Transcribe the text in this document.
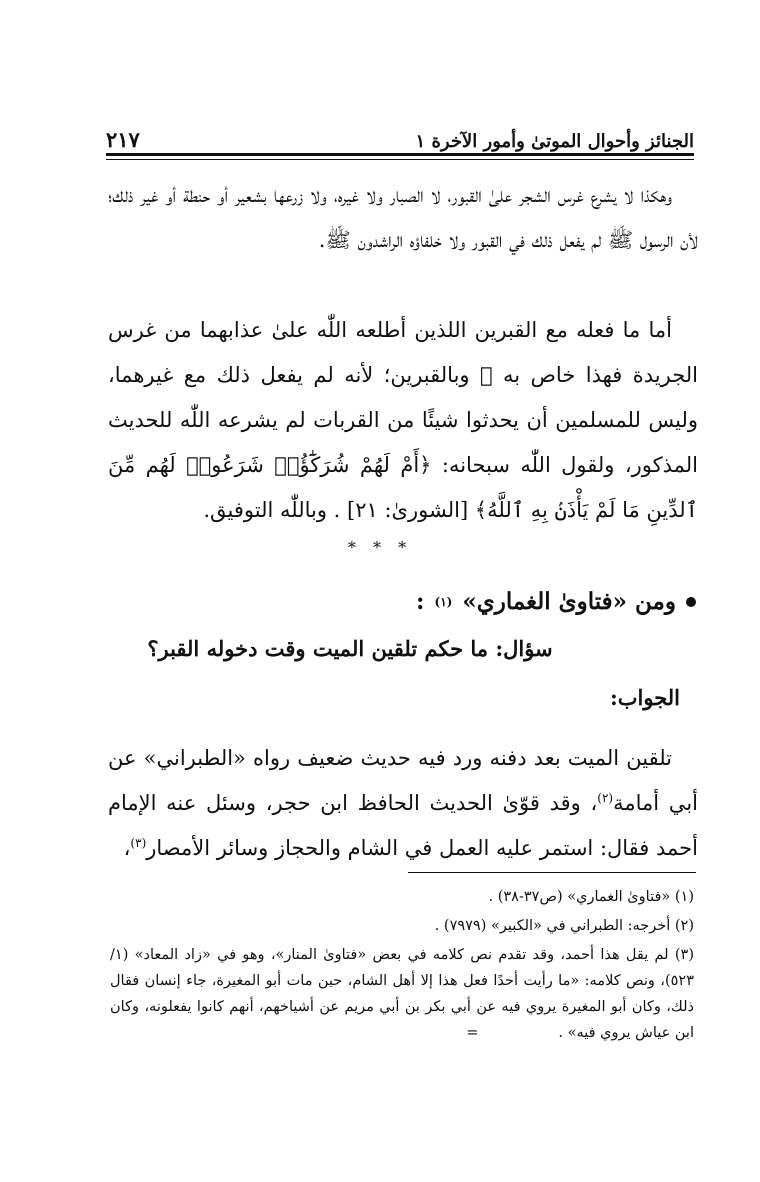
الجنائز وأحوال الموتىٰ وأمور الآخرة ١
٢١٧

وهكذا لا يشرع غرس الشجر علىٰ القبور، لا الصبار ولا غيره، ولا زرعها بشعير أو حنطة أو غير ذلك؛ لأن الرسول ﷺ لم يفعل ذلك في القبور ولا خلفاؤه الراشدون ﷺ.

أما ما فعله مع القبرين اللذين أطلعه اللّٰه علىٰ عذابهما من غرس الجريدة فهذا خاص به ﷺ وبالقبرين؛ لأنه لم يفعل ذلك مع غيرهما، وليس للمسلمين أن يحدثوا شيئًا من القربات لم يشرعه اللّٰه للحديث المذكور، ولقول اللّٰه سبحانه: ﴿أَمْ لَهُمْ شُرَكَٰٓؤُا۟ شَرَعُوا۟ لَهُم مِّنَ ٱلدِّينِ مَا لَمْ يَأْذَنۢ بِهِ ٱللَّهُ﴾ [الشورىٰ: ٢١] . وباللّٰه التوفيق.

* * *
ومن «فتاوىٰ الغماري»
(١)
:
سؤال: ما حكم تلقين الميت وقت دخوله القبر؟
الجواب:

تلقين الميت بعد دفنه ورد فيه حديث ضعيف رواه «الطبراني» عن أبي أمامة$^{(٢)}$، وقد قوّىٰ الحديث الحافظ ابن حجر، وسئل عنه الإمام أحمد فقال: استمر عليه العمل في الشام والحجاز وسائر الأمصار$^{(٣)}$،

(١) «فتاوىٰ الغماري» (ص٣٧-٣٨) .

(٢) أخرجه: الطبراني في «الكبير» (٧٩٧٩) .

(٣) لم يقل هذا أحمد، وقد تقدم نص كلامه في بعض «فتاوىٰ المنار»، وهو في «زاد المعاد» (١/ ٥٢٣)، ونص كلامه: «ما رأيت أحدًا فعل هذا إلا أهل الشام، حين مات أبو المغيرة، جاء إنسان فقال ذلك، وكان أبو المغيرة يروي فيه عن أبي بكر بن أبي مريم عن أشياخهم، أنهم كانوا يفعلونه، وكان ابن عياش يروي فيه» .=
